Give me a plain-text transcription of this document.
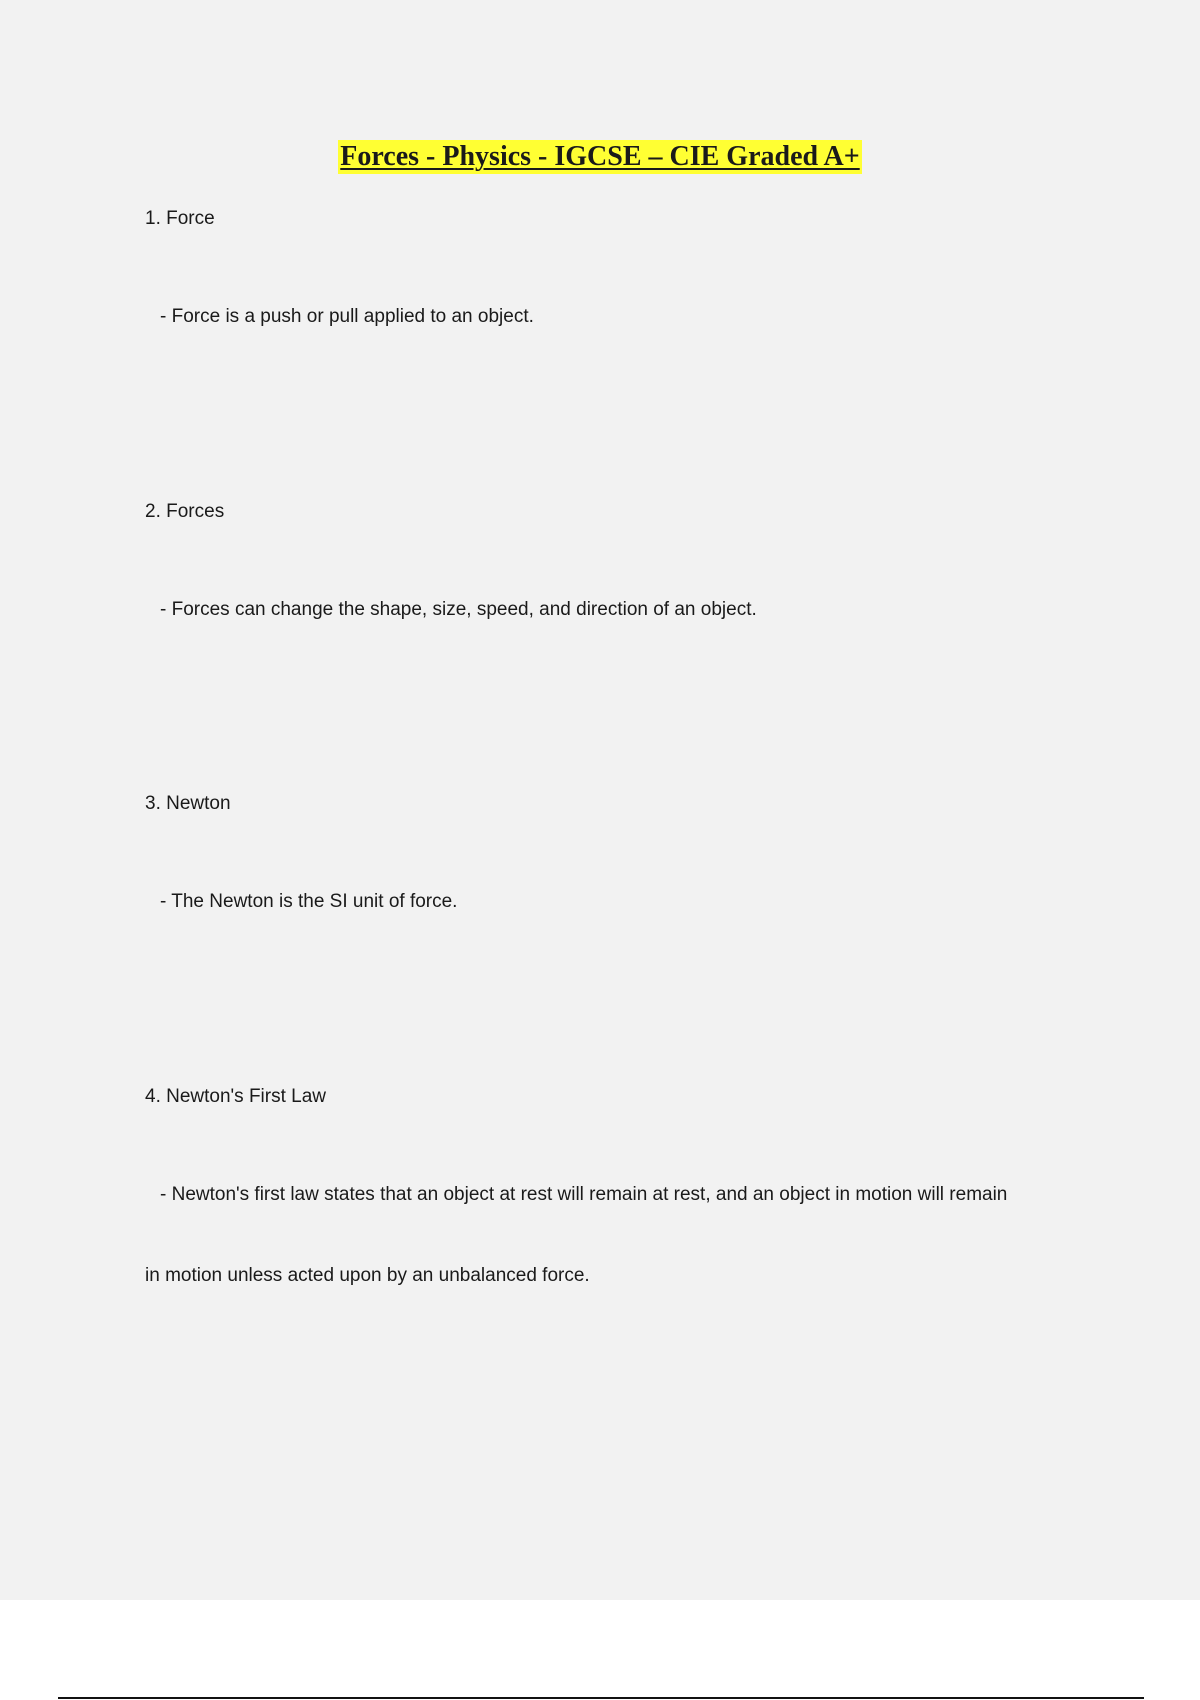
Forces - Physics - IGCSE – CIE Graded A+
1. Force
- Force is a push or pull applied to an object.
2. Forces
- Forces can change the shape, size, speed, and direction of an object.
3. Newton
- The Newton is the SI unit of force.
4. Newton's First Law
- Newton's first law states that an object at rest will remain at rest, and an object in motion will remain
in motion unless acted upon by an unbalanced force.
